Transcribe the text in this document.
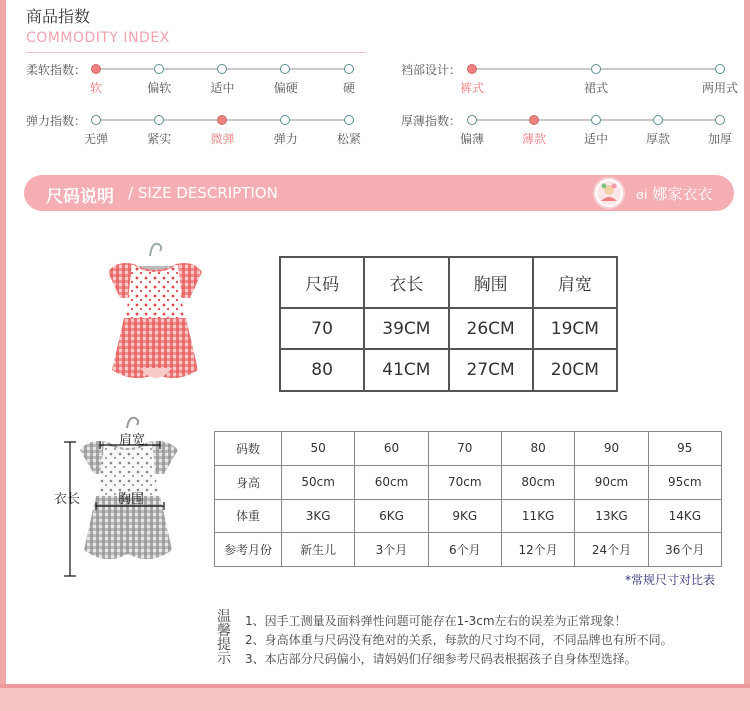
商品指数
COMMODITY INDEX
柔软指数：
软	偏软	适中	偏硬	硬
弹力指数：
无弹	紧实	微弹	弹力	松紧
裆部设计：
裤式	裙式	两用式
厚薄指数：
偏薄	薄款	适中	厚款	加厚
尺码说明 / SIZE DESCRIPTION	ɞi 娜家衣衣
肩宽
胸围
衣长
尺码	衣长	胸围	肩宽
70	39CM	26CM	19CM
80	41CM	27CM	20CM
码数	50	60	70	80	90	95
身高	50cm	60cm	70cm	80cm	90cm	95cm
体重	3KG	6KG	9KG	11KG	13KG	14KG
参考月份	新生儿	3个月	6个月	12个月	24个月	36个月
*常规尺寸对比表
温馨提示
1、因手工测量及面料弹性问题可能存在1-3cm左右的误差为正常现象！
2、身高体重与尺码没有绝对的关系，每款的尺寸均不同，不同品牌也有所不同。
3、本店部分尺码偏小，请妈妈们仔细参考尺码表根据孩子自身体型选择。
